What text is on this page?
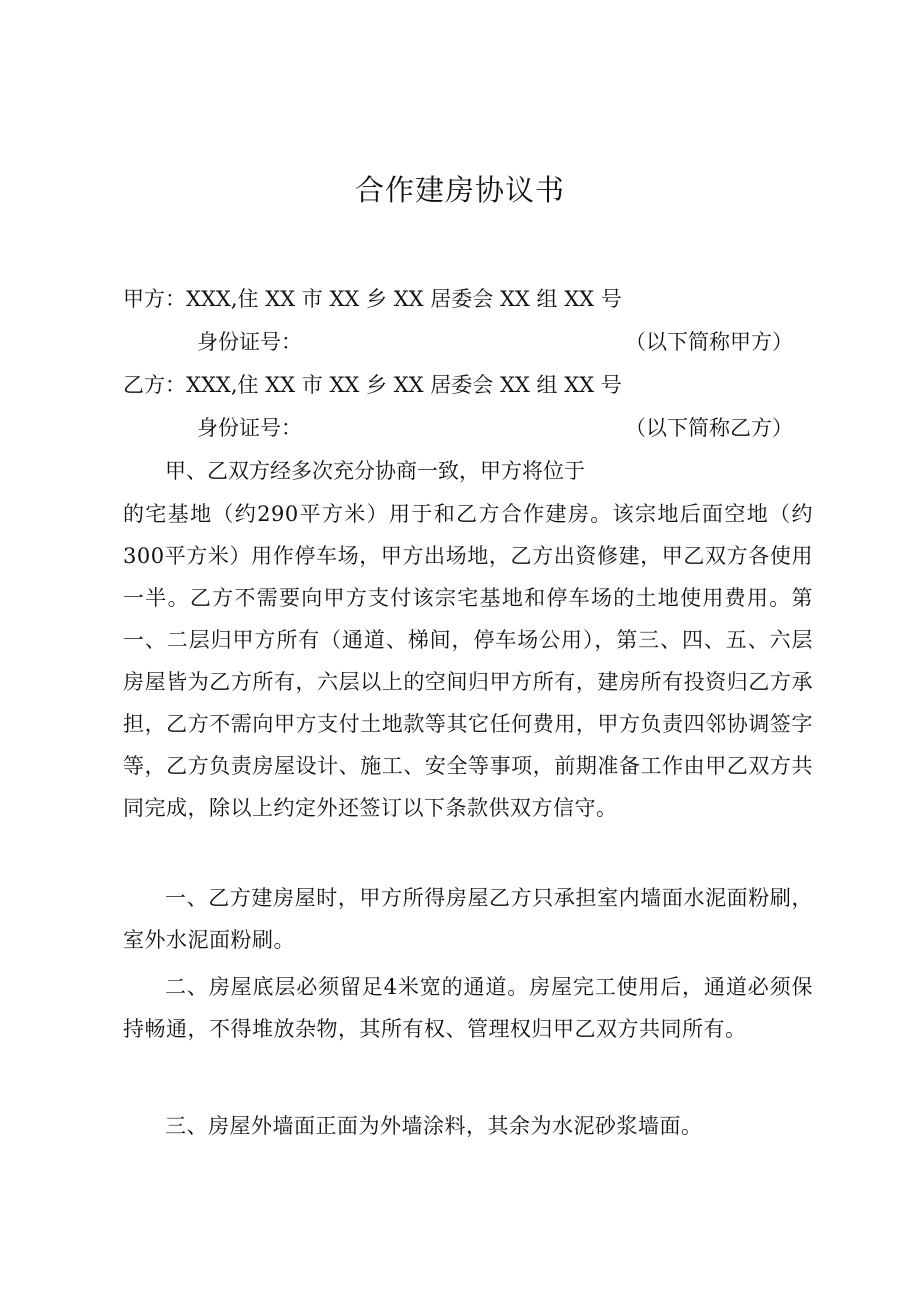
合作建房协议书
甲方：XXX,住 XX 市 XX 乡 XX 居委会 XX 组 XX 号
身份证号：	（以下简称甲方）
乙方：XXX,住 XX 市 XX 乡 XX 居委会 XX 组 XX 号
身份证号：	（以下简称乙方）
甲、乙双方经多次充分协商一致，甲方将位于

的宅基地（约290平方米）用于和乙方合作建房。该宗地后面空地（约300平方米）用作停车场，甲方出场地，乙方出资修建，甲乙双方各使用一半。乙方不需要向甲方支付该宗宅基地和停车场的土地使用费用。第一、二层归甲方所有（通道、梯间，停车场公用），第三、四、五、六层房屋皆为乙方所有，六层以上的空间归甲方所有，建房所有投资归乙方承担，乙方不需向甲方支付土地款等其它任何费用，甲方负责四邻协调签字等，乙方负责房屋设计、施工、安全等事项，前期准备工作由甲乙双方共同完成，除以上约定外还签订以下条款供双方信守。

一、乙方建房屋时，甲方所得房屋乙方只承担室内墙面水泥面粉刷，室外水泥面粉刷。

二、房屋底层必须留足4米宽的通道。房屋完工使用后，通道必须保持畅通，不得堆放杂物，其所有权、管理权归甲乙双方共同所有。

三、房屋外墙面正面为外墙涂料，其余为水泥砂浆墙面。
